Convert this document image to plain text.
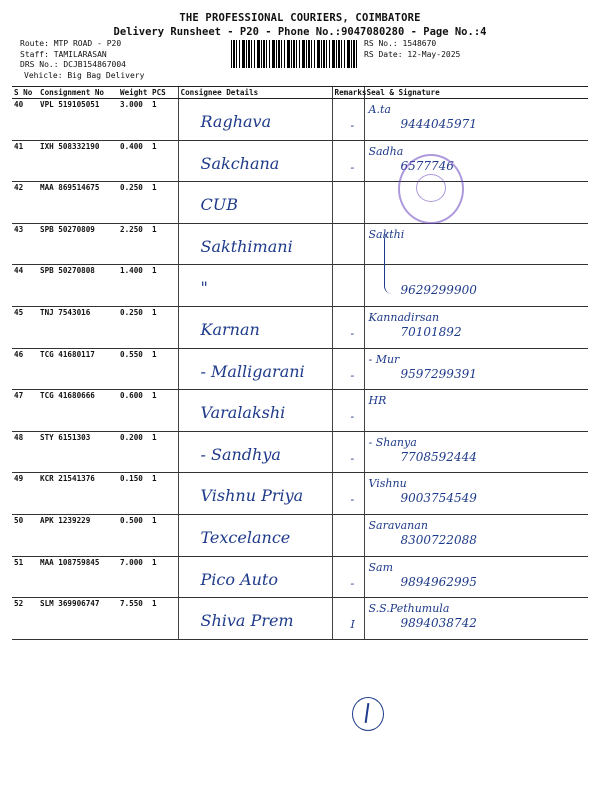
THE PROFESSIONAL COURIERS, COIMBATORE
Delivery Runsheet - P20 - Phone No.:9047080280 - Page No.:4
Route: MTP ROAD - P20
Staff: TAMILARASAN
DRS No.: DCJB154867004
Vehicle: Big Bag Delivery
RS No.: 1548670
RS Date: 12-May-2025
S No	Consignment No	Weight	PCS	Consignee Details	Remarks	Seal & Signature
40	VPL 519105051	3.000	1	Raghava	-	A.ta
9444045971

41	IXH 508332190	0.400	1	Sakchana	-	Sadha
6577746

42	MAA 869514675	0.250	1	CUB		

43	SPB 50270809	2.250	1	Sakthimani		Sakthi

44	SPB 50270808	1.400	1	"		9629299900

45	TNJ 7543016	0.250	1	Karnan	-	Kannadirsan
70101892

46	TCG 41680117	0.550	1	- Malligarani	-	- Mur
9597299391

47	TCG 41680666	0.600	1	Varalakshi	-	HR

48	STY 6151303	0.200	1	- Sandhya	-	- Shanya
7708592444

49	KCR 21541376	0.150	1	Vishnu Priya	-	Vishnu
9003754549

50	APK 1239229	0.500	1	Texcelance		Saravanan
8300722088

51	MAA 108759845	7.000	1	Pico Auto	-	Sam
9894962995

52	SLM 369906747	7.550	1	Shiva Prem	I	S.S.Pethumula
9894038742
